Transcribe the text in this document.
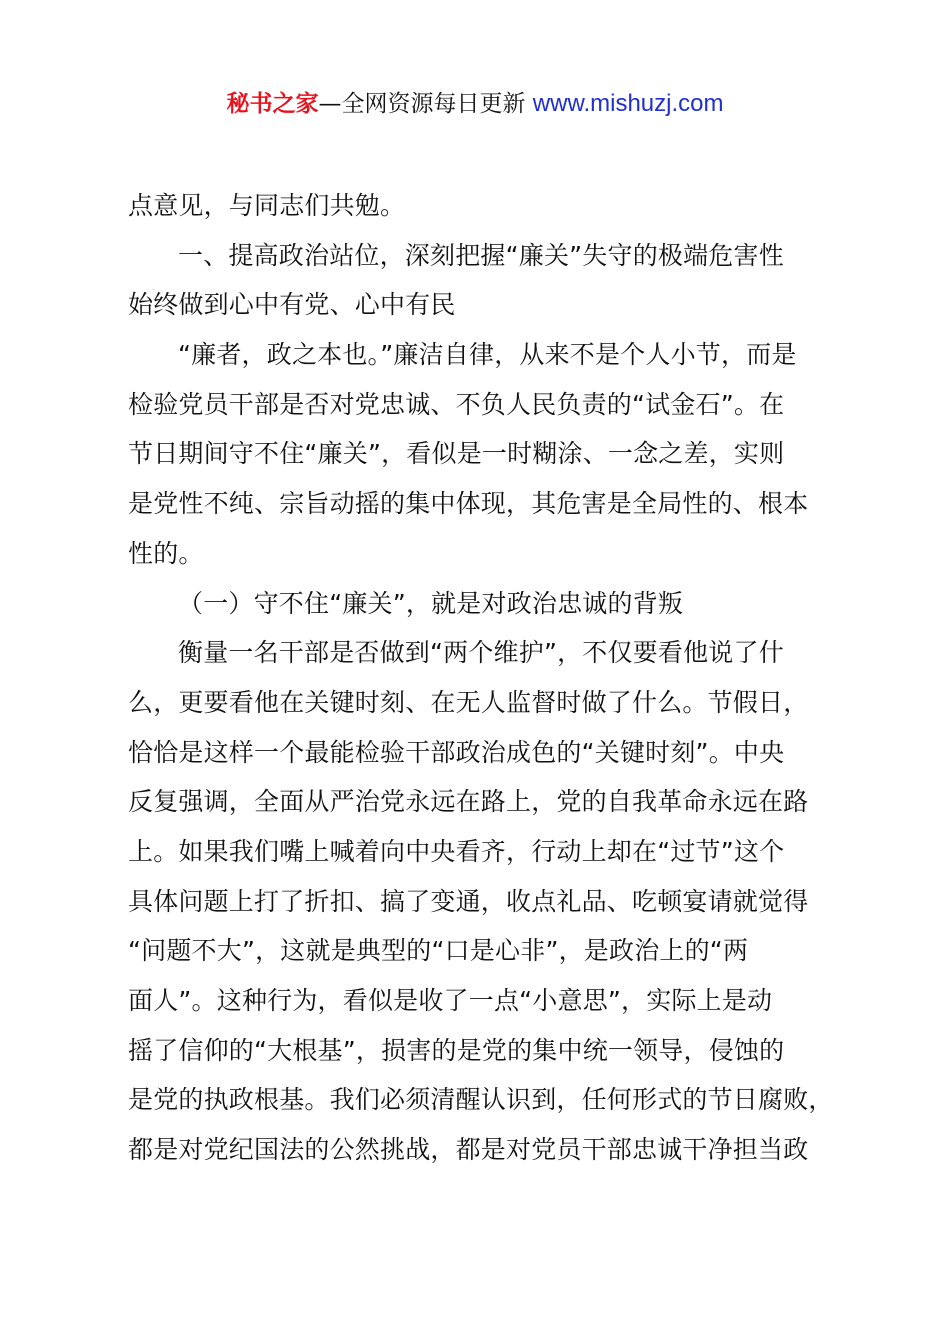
秘书之家—全网资源每日更新 www.mishuzj.com
点意见，与同志们共勉。
一、提高政治站位，深刻把握“廉关”失守的极端危害性
始终做到心中有党、心中有民
“廉者，政之本也。”廉洁自律，从来不是个人小节，而是
检验党员干部是否对党忠诚、不负人民负责的“试金石”。在
节日期间守不住“廉关”，看似是一时糊涂、一念之差，实则
是党性不纯、宗旨动摇的集中体现，其危害是全局性的、根本
性的。
（一）守不住“廉关”，就是对政治忠诚的背叛
衡量一名干部是否做到“两个维护”，不仅要看他说了什
么，更要看他在关键时刻、在无人监督时做了什么。节假日，
恰恰是这样一个最能检验干部政治成色的“关键时刻”。中央
反复强调，全面从严治党永远在路上，党的自我革命永远在路
上。如果我们嘴上喊着向中央看齐，行动上却在“过节”这个
具体问题上打了折扣、搞了变通，收点礼品、吃顿宴请就觉得
“问题不大”，这就是典型的“口是心非”，是政治上的“两
面人”。这种行为，看似是收了一点“小意思”，实际上是动
摇了信仰的“大根基”，损害的是党的集中统一领导，侵蚀的
是党的执政根基。我们必须清醒认识到，任何形式的节日腐败，
都是对党纪国法的公然挑战，都是对党员干部忠诚干净担当政
